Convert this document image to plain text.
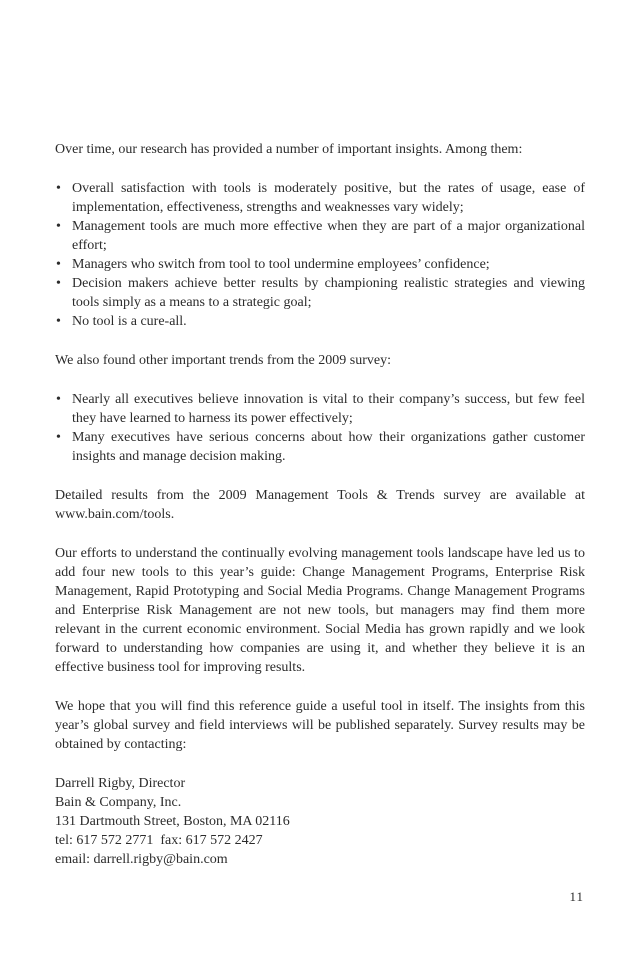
Over time, our research has provided a number of important insights. Among them:

• Overall satisfaction with tools is moderately positive, but the rates of usage, ease of implementation, effectiveness, strengths and weaknesses vary widely;
• Management tools are much more effective when they are part of a major organizational effort;
• Managers who switch from tool to tool undermine employees’ confidence;
• Decision makers achieve better results by championing realistic strategies and viewing tools simply as a means to a strategic goal;
• No tool is a cure-all.

We also found other important trends from the 2009 survey:

• Nearly all executives believe innovation is vital to their company’s success, but few feel they have learned to harness its power effectively;
• Many executives have serious concerns about how their organizations gather customer insights and manage decision making.

Detailed results from the 2009 Management Tools & Trends survey are available at www.bain.com/tools.

Our efforts to understand the continually evolving management tools landscape have led us to add four new tools to this year’s guide: Change Management Programs, Enterprise Risk Management, Rapid Prototyping and Social Media Programs. Change Management Programs and Enterprise Risk Management are not new tools, but managers may find them more relevant in the current economic environment. Social Media has grown rapidly and we look forward to understanding how companies are using it, and whether they believe it is an effective business tool for improving results.

We hope that you will find this reference guide a useful tool in itself. The insights from this year’s global survey and field interviews will be published separately. Survey results may be obtained by contacting:

Darrell Rigby, Director
Bain & Company, Inc.
131 Dartmouth Street, Boston, MA 02116
tel: 617 572 2771  fax: 617 572 2427
email: darrell.rigby@bain.com
11
